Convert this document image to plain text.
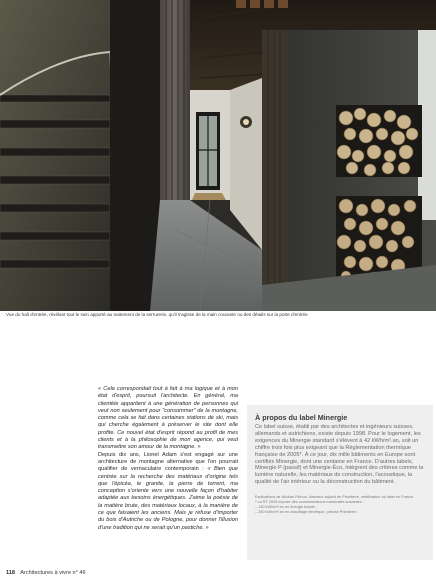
Vue du hall d'entrée, révélant tout le soin apporté au traitement de la serrurerie, qu'il s'agisse de la main courante ou des détails sur la porte d'entrée.

« Cela correspondait tout à fait à ma logique et à mon état d'esprit, poursuit l'architecte. En général, ma clientèle appartient à une génération de personnes qui veut non seulement pour "consommer" de la montagne, comme cela se fait dans certaines stations de ski, mais qui cherche également à préserver le site dont elle profite. Ce nouvel état d'esprit répond au profil de mes clients et à la philosophie de mon agence, qui veut transmettre son amour de la montagne. »

Depuis dix ans, Lionel Adam s'est engagé sur une architecture de montagne alternative que l'on pourrait qualifier de vernaculaire contemporain : « Bien que centrée sur la recherche des matériaux d'origine tels que l'épicéa, le granite, la pierre de torrent, ma conception s'oriente vers une nouvelle façon d'habiter adaptée aux besoins énergétiques. J'aime la poésie de la matière brute, des matériaux locaux, à la manière de ce que faisaient les anciens. Mais je refuse d'importer du bois d'Autriche ou de Pologne, pour donner l'illusion d'une tradition qui ne serait qu'un pastiche. »

À propos du label Minergie

Ce label suisse, établi par des architectes et ingénieurs suisses, allemands et autrichiens, existe depuis 1998. Pour le logement, les exigences du Minergie standard s'élèvent à 42 kWh/m².an, soit un chiffre trois fois plus exigeant que la Réglementation thermique française de 2005*. À ce jour, dix mille bâtiments en Europe sont certifiés Minergie, dont une centaine en France. D'autres labels, Minergie P (passif) et Minergie-Éco, intègrent des critères comme la lumière naturelle, les matériaux de construction, l'acoustique, la qualité de l'air intérieur ou la déconstruction du bâtiment.

Explications de Nicolas Pichon, directeur adjoint de Prioriterre, certificateur du label en France.
* La RT 2005 impose des consommations maximales suivantes :
– 130 kWh/m².an en énergie fossile ;
– 250 kWh/m².an en chauffage électrique, précise Prioriterre.
118 Architectures à vivre n° 46
